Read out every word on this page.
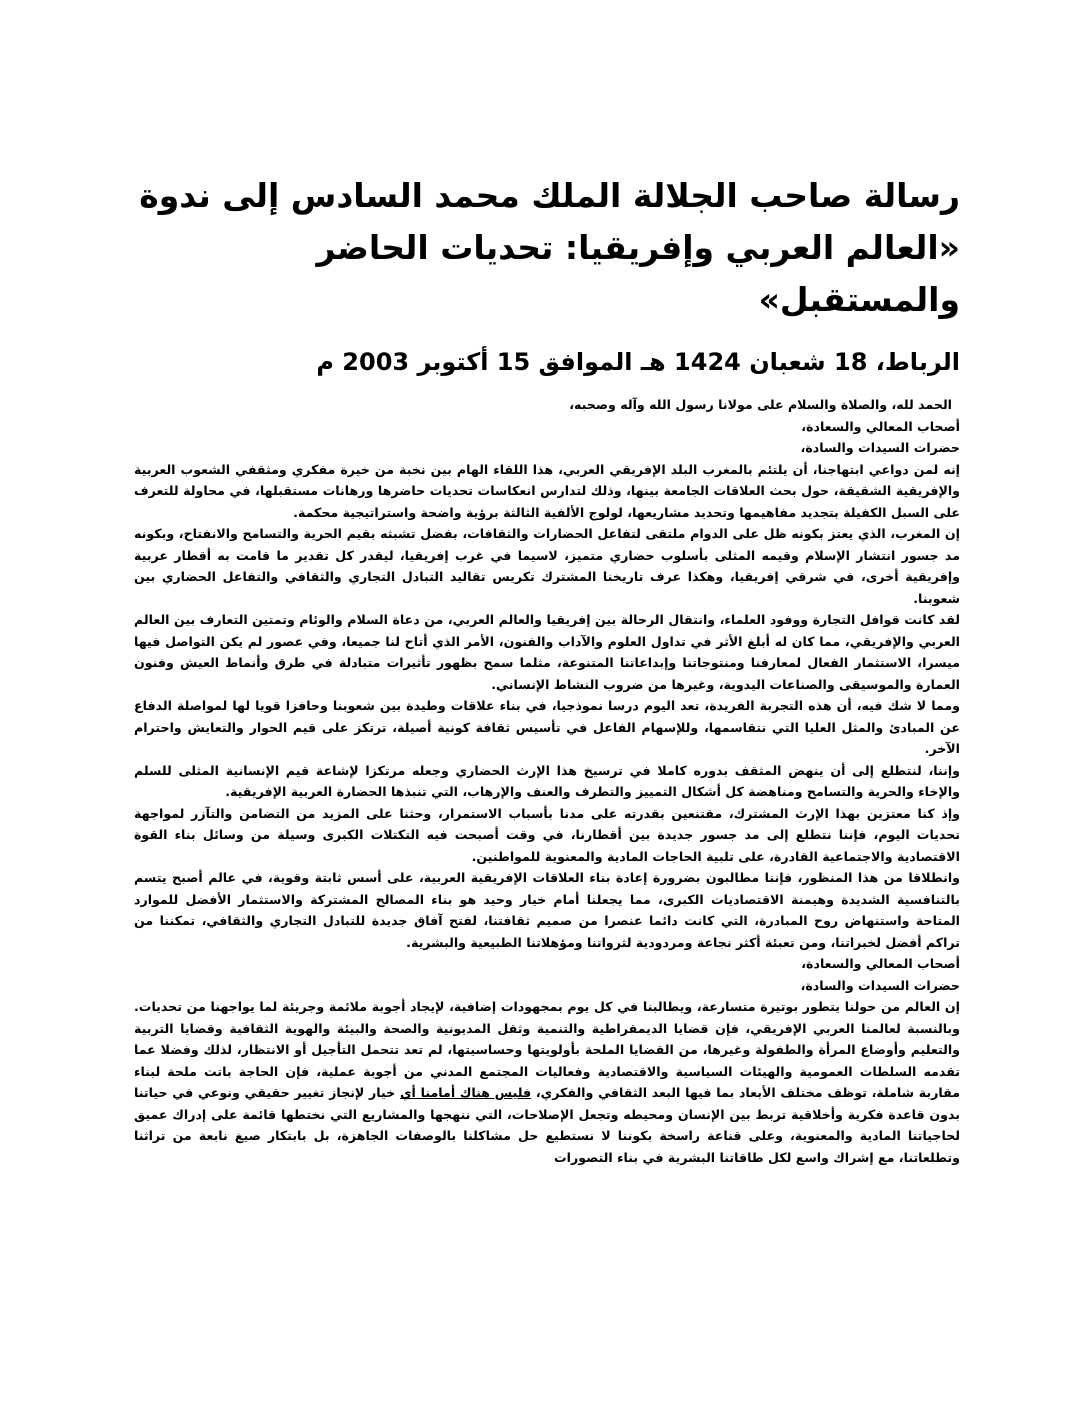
رسالة صاحب الجلالة الملك محمد السادس إلى ندوة
«العالم العربي وإفريقيا: تحديات الحاضر والمستقبل»
الرباط، 18 شعبان 1424 هـ الموافق 15 أكتوبر 2003 م

الحمد لله، والصلاة والسلام على مولانا رسول الله وآله وصحبه،

أصحاب المعالي والسعادة،

حضرات السيدات والسادة،

إنه لمن دواعي ابتهاجنا، أن يلتئم بالمغرب البلد الإفريقي العربي، هذا اللقاء الهام بين نخبة من خيرة مفكري ومثقفي الشعوب العربية والإفريقية الشقيقة، حول بحث العلاقات الجامعة بينها، وذلك لتدارس انعكاسات تحديات حاضرها ورهانات مستقبلها، في محاولة للتعرف على السبل الكفيلة بتجديد مفاهيمها وتحديد مشاريعها، لولوج الألفية الثالثة برؤية واضحة واستراتيجية محكمة.

إن المغرب، الذي يعتز بكونه ظل على الدوام ملتقى لتفاعل الحضارات والثقافات، بفضل تشبثه بقيم الحرية والتسامح والانفتاح، وبكونه مد جسور انتشار الإسلام وقيمه المثلى بأسلوب حضاري متميز، لاسيما في غرب إفريقيا، ليقدر كل تقدير ما قامت به أقطار عربية وإفريقية أخرى، في شرقي إفريقيا، وهكذا عرف تاريخنا المشترك تكريس تقاليد التبادل التجاري والثقافي والتفاعل الحضاري بين شعوبنا.

لقد كانت قوافل التجارة ووفود العلماء، وانتقال الرحالة بين إفريقيا والعالم العربي، من دعاة السلام والوئام وتمتين التعارف بين العالم العربي والإفريقي، مما كان له أبلغ الأثر في تداول العلوم والآداب والفنون، الأمر الذي أتاح لنا جميعا، وفي عصور لم يكن التواصل فيها ميسرا، الاستثمار الفعال لمعارفنا ومنتوجاتنا وإبداعاتنا المتنوعة، مثلما سمح بظهور تأثيرات متبادلة في طرق وأنماط العيش وفنون العمارة والموسيقى والصناعات اليدوية، وغيرها من ضروب النشاط الإنساني.

ومما لا شك فيه، أن هذه التجربة الفريدة، تعد اليوم درسا نموذجيا، في بناء علاقات وطيدة بين شعوبنا وحافزا قويا لها لمواصلة الدفاع عن المبادئ والمثل العليا التي نتقاسمها، وللإسهام الفاعل في تأسيس ثقافة كونية أصيلة، ترتكز على قيم الحوار والتعايش واحترام الآخر.

وإننا، لنتطلع إلى أن ينهض المثقف بدوره كاملا في ترسيخ هذا الإرث الحضاري وجعله مرتكزا لإشاعة قيم الإنسانية المثلى للسلم والإخاء والحرية والتسامح ومناهضة كل أشكال التمييز والتطرف والعنف والإرهاب، التي تنبذها الحضارة العربية الإفريقية.

وإذ كنا معتزين بهذا الإرث المشترك، مقتنعين بقدرته على مدنا بأسباب الاستمرار، وحثنا على المزيد من التضامن والتآزر لمواجهة تحديات اليوم، فإننا نتطلع إلى مد جسور جديدة بين أقطارنا، في وقت أصبحت فيه التكتلات الكبرى وسيلة من وسائل بناء القوة الاقتصادية والاجتماعية القادرة، على تلبية الحاجات المادية والمعنوية للمواطنين.

وانطلاقا من هذا المنظور، فإننا مطالبون بضرورة إعادة بناء العلاقات الإفريقية العربية، على أسس ثابتة وقوية، في عالم أصبح يتسم بالتنافسية الشديدة وهيمنة الاقتصاديات الكبرى، مما يجعلنا أمام خيار وحيد هو بناء المصالح المشتركة والاستثمار الأفضل للموارد المتاحة واستنهاض روح المبادرة، التي كانت دائما عنصرا من صميم ثقافتنا، لفتح آفاق جديدة للتبادل التجاري والثقافي، تمكننا من تراكم أفضل لخبراتنا، ومن تعبئة أكثر نجاعة ومردودية لثرواتنا ومؤهلاتنا الطبيعية والبشرية.

أصحاب المعالي والسعادة،

حضرات السيدات والسادة،

إن العالم من حولنا يتطور بوتيرة متسارعة، ويطالبنا في كل يوم بمجهودات إضافية، لإيجاد أجوبة ملائمة وجريئة لما يواجهنا من تحديات. وبالنسبة لعالمنا العربي الإفريقي، فإن قضايا الديمقراطية والتنمية وثقل المديونية والصحة والبيئة والهوية الثقافية وقضايا التربية والتعليم وأوضاع المرأة والطفولة وغيرها، من القضايا الملحة بأولويتها وحساسيتها، لم تعد تتحمل التأجيل أو الانتظار، لذلك وفضلا عما تقدمه السلطات العمومية والهيئات السياسية والاقتصادية وفعاليات المجتمع المدني من أجوبة عملية، فإن الحاجة باتت ملحة لبناء مقاربة شاملة، توظف مختلف الأبعاد بما فيها البعد الثقافي والفكري، فليس هناك أمامنا أي خيار لإنجاز تغيير حقيقي ونوعي في حياتنا بدون قاعدة فكرية وأخلاقية تربط بين الإنسان ومحيطه وتجعل الإصلاحات، التي ننهجها والمشاريع التي نختطها قائمة على إدراك عميق لحاجياتنا المادية والمعنوية، وعلى قناعة راسخة بكوننا لا نستطيع حل مشاكلنا بالوصفات الجاهزة، بل بابتكار صيغ نابعة من تراثنا وتطلعاتنا، مع إشراك واسع لكل طاقاتنا البشرية في بناء التصورات
